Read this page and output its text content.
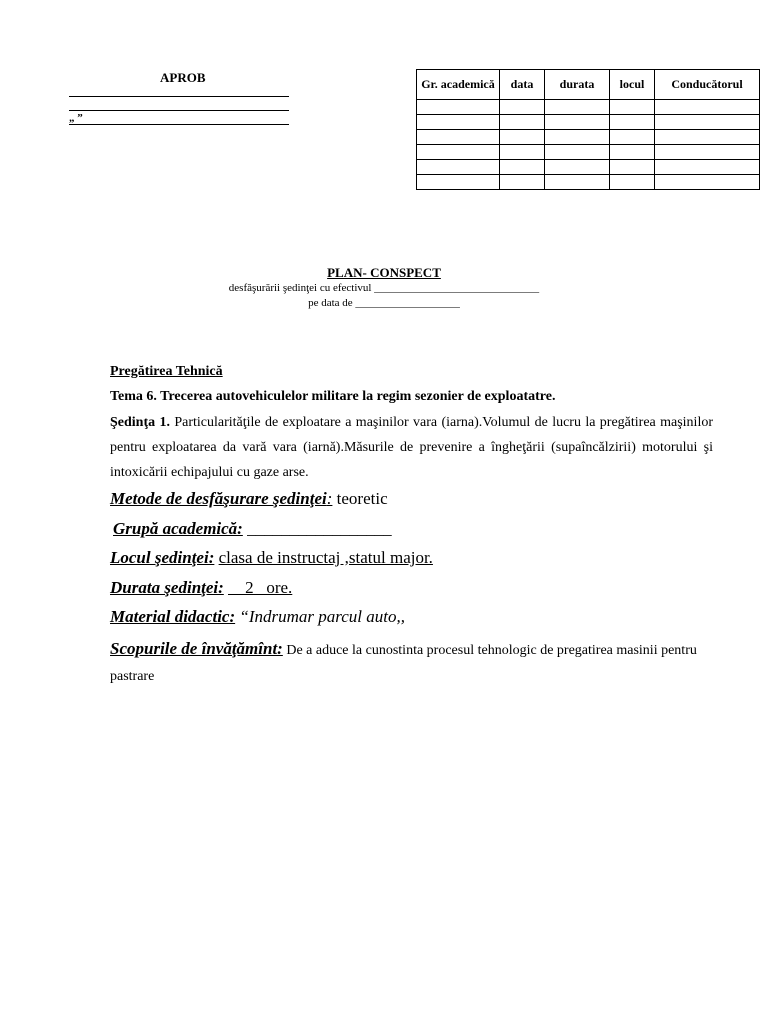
APROB
„ ”
Gr. academică	data	durata	locul	Conducătorul

PLAN- CONSPECT
desfăşurării şedinţei cu efectivul ______________________________
pe data de ___________________
Pregătirea Tehnică
Tema 6. Trecerea autovehiculelor militare la regim sezonier de exploatatre.
Şedinţa 1. Particularităţile de exploatare a maşinilor vara (iarna).Volumul de lucru la pregătirea maşinilor pentru exploatarea da vară vara (iarnă).Măsurile de prevenire a îngheţării (supaîncălzirii) motorului şi intoxicării echipajului cu gaze arse.
Metode de desfăşurare şedinţei: teoretic
Grupă academică: _________________
Locul şedinţei: clasa de instructaj ,statul major.
Durata şedinţei: __2_ ore.
Material didactic: “Indrumar parcul auto,,
Scopurile de învăţămînt: De a aduce la cunostinta procesul tehnologic de pregatirea masinii pentru pastrare
